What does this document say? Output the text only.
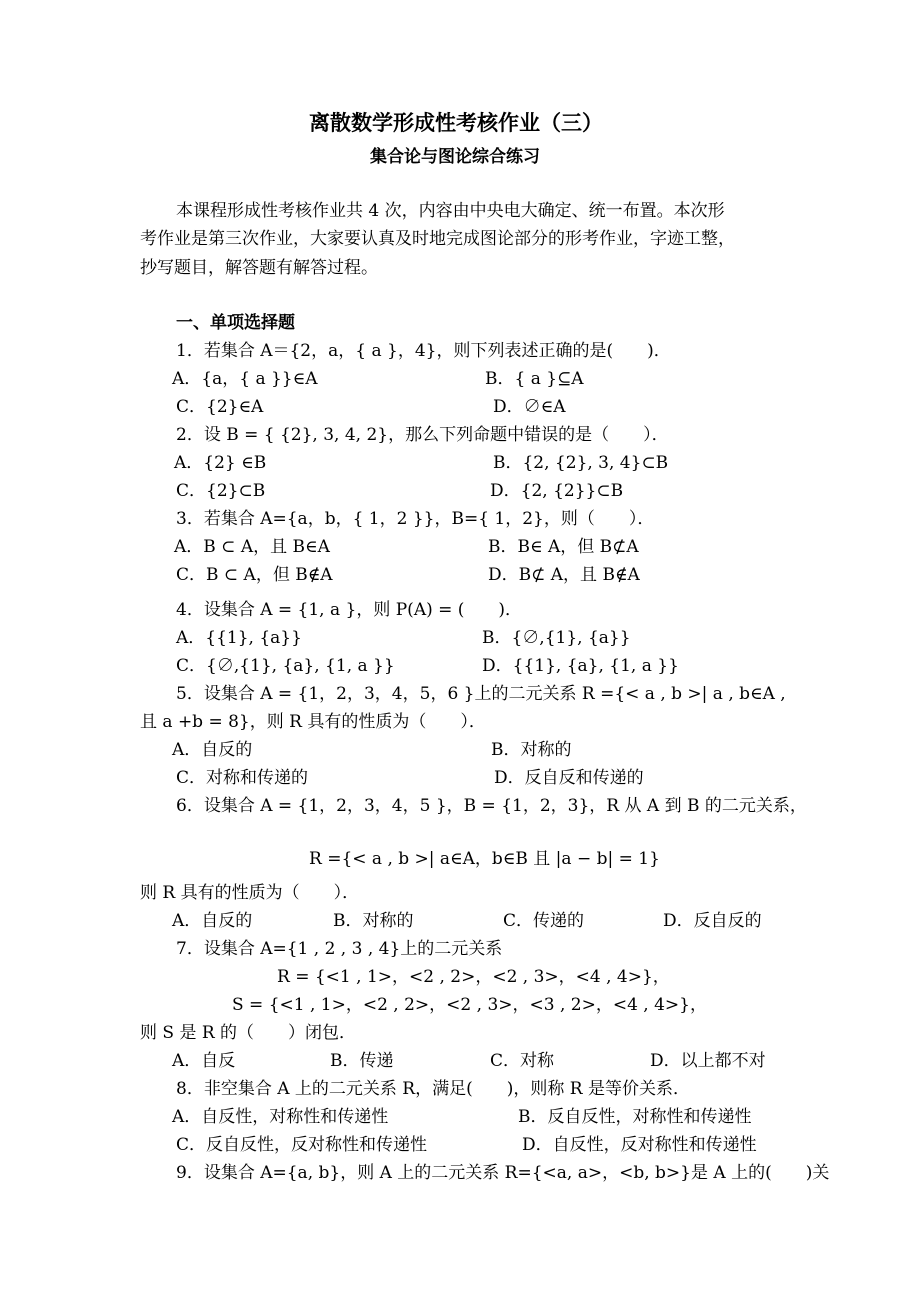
离散数学形成性考核作业（三）
集合论与图论综合练习
本课程形成性考核作业共 4 次，内容由中央电大确定、统一布置。本次形
考作业是第三次作业，大家要认真及时地完成图论部分的形考作业，字迹工整，
抄写题目，解答题有解答过程。
一、单项选择题
1．若集合 A＝{2，a，{ a }，4}，则下列表述正确的是(　　)．
A．{a，{ a }}∈A	B．{ a }⊆A
C．{2}∈A	D．∅∈A
2．设 B = { {2}, 3, 4, 2}，那么下列命题中错误的是（　　）．
A．{2} ∈B	B．{2, {2}, 3, 4}⊂B
C．{2}⊂B	D．{2, {2}}⊂B
3．若集合 A={a，b，{ 1，2 }}，B={ 1，2}，则（　　）．
A．B ⊂ A，且 B∈A	B．B∈ A，但 B⊄A
C．B ⊂ A，但 B∉A	D．B⊄ A，且 B∉A
4．设集合 A = {1, a }，则 P(A) = (　　)．
A．{{1}, {a}}	B．{∅,{1}, {a}}
C．{∅,{1}, {a}, {1, a }}	D．{{1}, {a}, {1, a }}
5．设集合 A = {1，2，3，4，5，6 }上的二元关系 R ={< a , b >| a , b∈A ,
且 a +b = 8}，则 R 具有的性质为（　　）．
A．自反的	B．对称的
C．对称和传递的	D．反自反和传递的
6．设集合 A = {1，2，3，4，5 }，B = {1，2，3}，R 从 A 到 B 的二元关系，
R ={< a , b >| a∈A，b∈B 且 |a − b| = 1}
则 R 具有的性质为（　　）．
A．自反的	B．对称的	C．传递的	D．反自反的
7．设集合 A={1 , 2 , 3 , 4}上的二元关系
R = {<1 , 1>，<2 , 2>，<2 , 3>，<4 , 4>}，
S = {<1 , 1>，<2 , 2>，<2 , 3>，<3 , 2>，<4 , 4>}，
则 S 是 R 的（　　）闭包．
A．自反	B．传递	C．对称	D．以上都不对
8．非空集合 A 上的二元关系 R，满足(　　)，则称 R 是等价关系．
A．自反性，对称性和传递性	B．反自反性，对称性和传递性
C．反自反性，反对称性和传递性	D．自反性，反对称性和传递性
9．设集合 A={a, b}，则 A 上的二元关系 R={<a, a>，<b, b>}是 A 上的(　　)关
